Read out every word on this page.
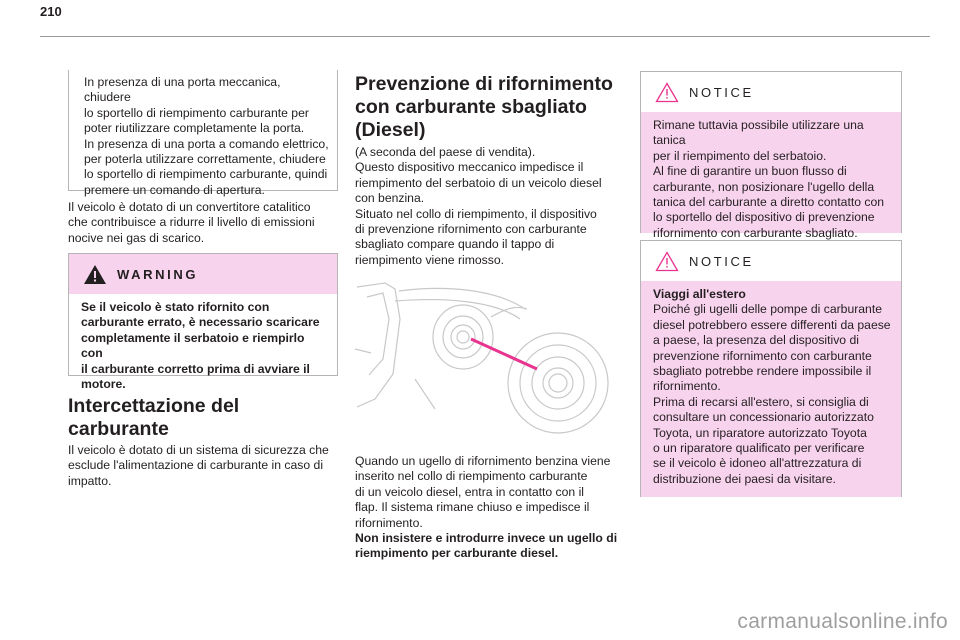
210
In presenza di una porta meccanica, chiudere
lo sportello di riempimento carburante per
poter riutilizzare completamente la porta.
In presenza di una porta a comando elettrico,
per poterla utilizzare correttamente, chiudere
lo sportello di riempimento carburante, quindi
premere un comando di apertura.
Il veicolo è dotato di un convertitore catalitico
che contribuisce a ridurre il livello di emissioni
nocive nei gas di scarico.
WARNING
Se il veicolo è stato rifornito con
carburante errato, è necessario scaricare
completamente il serbatoio e riempirlo con
il carburante corretto prima di avviare il
motore.
Intercettazione del
carburante
Il veicolo è dotato di un sistema di sicurezza che
esclude l'alimentazione di carburante in caso di
impatto.
Prevenzione di rifornimento
con carburante sbagliato
(Diesel)
(A seconda del paese di vendita).
Questo dispositivo meccanico impedisce il
riempimento del serbatoio di un veicolo diesel
con benzina.
Situato nel collo di riempimento, il dispositivo
di prevenzione rifornimento con carburante
sbagliato compare quando il tappo di
riempimento viene rimosso.
Quando un ugello di rifornimento benzina viene
inserito nel collo di riempimento carburante
di un veicolo diesel, entra in contatto con il
flap. Il sistema rimane chiuso e impedisce il
rifornimento.
Non insistere e introdurre invece un ugello di
riempimento per carburante diesel.
NOTICE
Rimane tuttavia possibile utilizzare una tanica
per il riempimento del serbatoio.
Al fine di garantire un buon flusso di
carburante, non posizionare l'ugello della
tanica del carburante a diretto contatto con
lo sportello del dispositivo di prevenzione
rifornimento con carburante sbagliato.
NOTICE
Viaggi all'estero
Poiché gli ugelli delle pompe di carburante
diesel potrebbero essere differenti da paese
a paese, la presenza del dispositivo di
prevenzione rifornimento con carburante
sbagliato potrebbe rendere impossibile il
rifornimento.
Prima di recarsi all'estero, si consiglia di
consultare un concessionario autorizzato
Toyota, un riparatore autorizzato Toyota
o un riparatore qualificato per verificare
se il veicolo è idoneo all'attrezzatura di
distribuzione dei paesi da visitare.
carmanualsonline.info
